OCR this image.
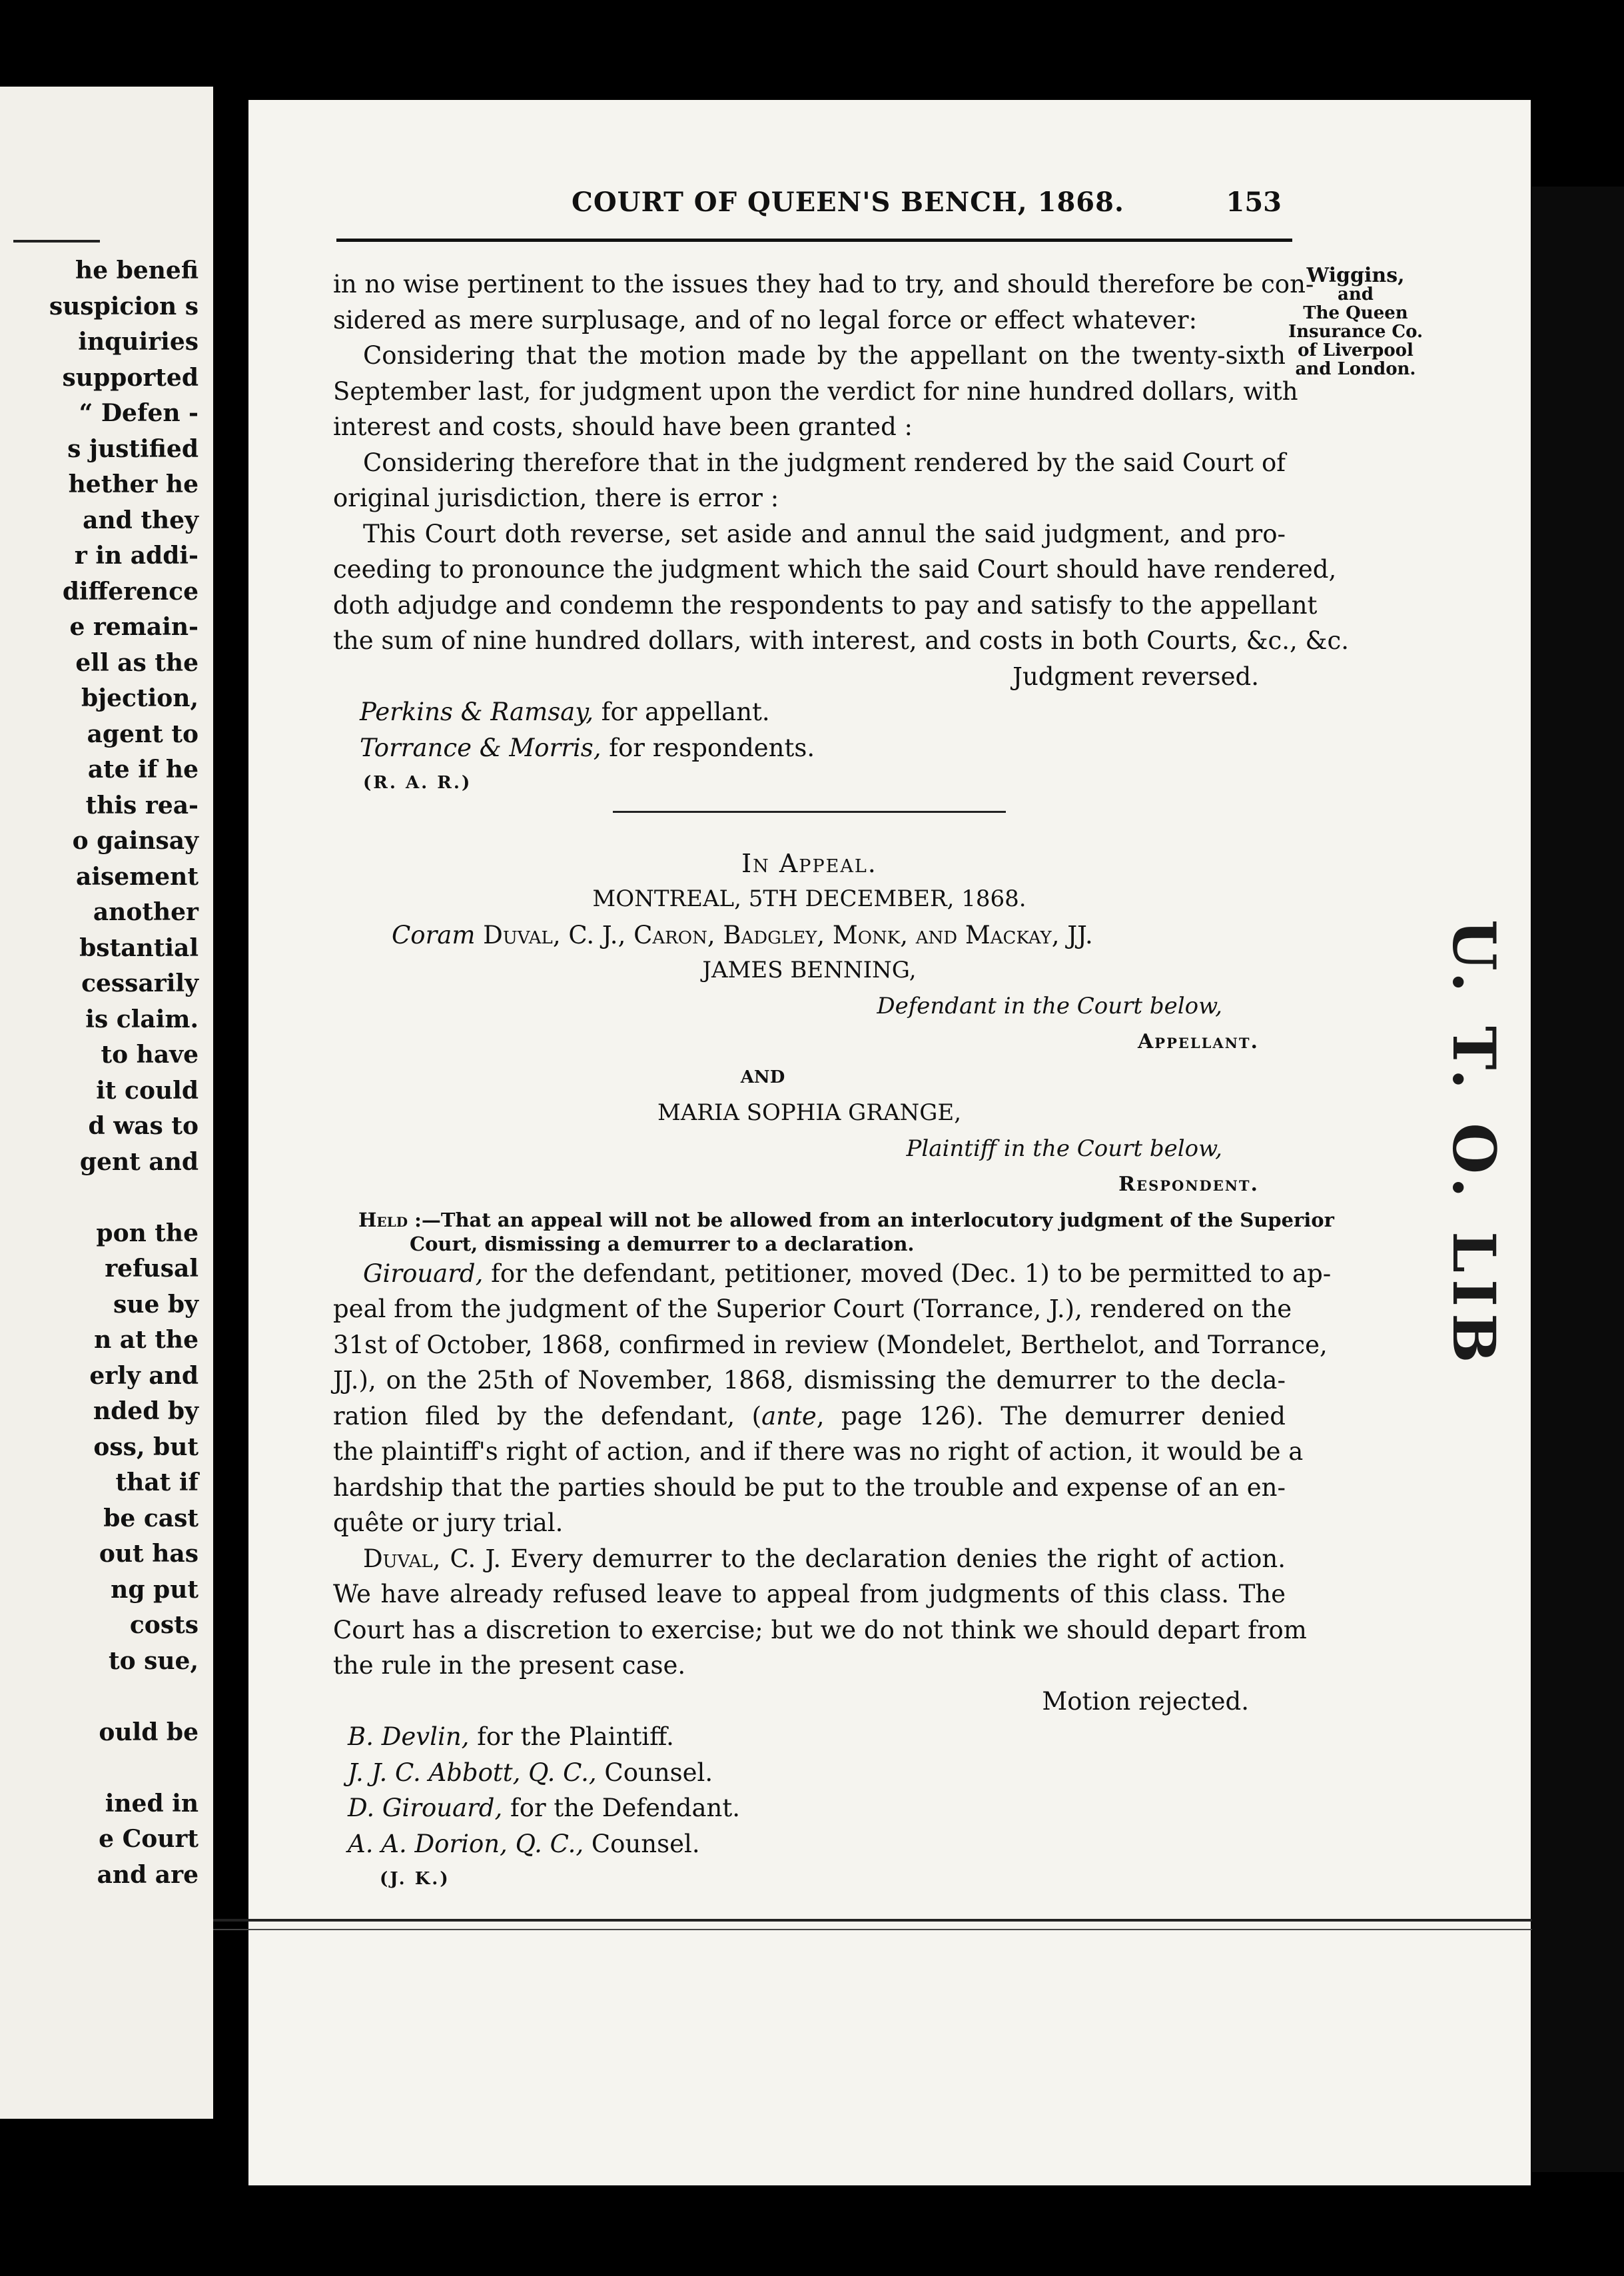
he benefi
suspicion s
inquiries
supported
“ Defen -
s justified
hether he
and they
r in addi-
difference
e remain-
ell as the
bjection,
agent to
ate if he
this rea-
o gainsay
aisement
another
bstantial
cessarily
is claim.
to have
it could
d was to
gent and
pon the
refusal
sue by
n at the
erly and
nded by
oss, but
that if
be cast
out has
ng put
costs
to sue,
ould be
ined in
e Court
and are
U. T. O. LIB
COURT OF QUEEN'S BENCH, 1868.	153
Wiggins,
and
The Queen
Insurance Co.
of Liverpool
and London.
in no wise pertinent to the issues they had to try, and should therefore be con-
sidered as mere surplusage, and of no legal force or effect whatever:
Considering that the motion made by the appellant on the twenty-sixth
September last, for judgment upon the verdict for nine hundred dollars, with
interest and costs, should have been granted :
Considering therefore that in the judgment rendered by the said Court of
original jurisdiction, there is error :
This Court doth reverse, set aside and annul the said judgment, and pro-
ceeding to pronounce the judgment which the said Court should have rendered,
doth adjudge and condemn the respondents to pay and satisfy to the appellant
the sum of nine hundred dollars, with interest, and costs in both Courts, &c., &c.
Judgment reversed.
Perkins & Ramsay, for appellant.
Torrance & Morris, for respondents.
(R. A. R.)
In Appeal.
MONTREAL, 5TH DECEMBER, 1868.
Coram Duval, C. J., Caron, Badgley, Monk, and Mackay, JJ.
JAMES BENNING,
Defendant in the Court below,
Appellant.
AND
MARIA SOPHIA GRANGE,
Plaintiff in the Court below,
Respondent.
Held :—That an appeal will not be allowed from an interlocutory judgment of the Superior
Court, dismissing a demurrer to a declaration.
Girouard, for the defendant, petitioner, moved (Dec. 1) to be permitted to ap-
peal from the judgment of the Superior Court (Torrance, J.), rendered on the
31st of October, 1868, confirmed in review (Mondelet, Berthelot, and Torrance,
JJ.), on the 25th of November, 1868, dismissing the demurrer to the decla-
ration filed by the defendant, (ante, page 126). The demurrer denied
the plaintiff's right of action, and if there was no right of action, it would be a
hardship that the parties should be put to the trouble and expense of an en-
quête or jury trial.
Duval, C. J. Every demurrer to the declaration denies the right of action.
We have already refused leave to appeal from judgments of this class. The
Court has a discretion to exercise; but we do not think we should depart from
the rule in the present case.
Motion rejected.
B. Devlin, for the Plaintiff.
J. J. C. Abbott, Q. C., Counsel.
D. Girouard, for the Defendant.
A. A. Dorion, Q. C., Counsel.
(J. K.)
